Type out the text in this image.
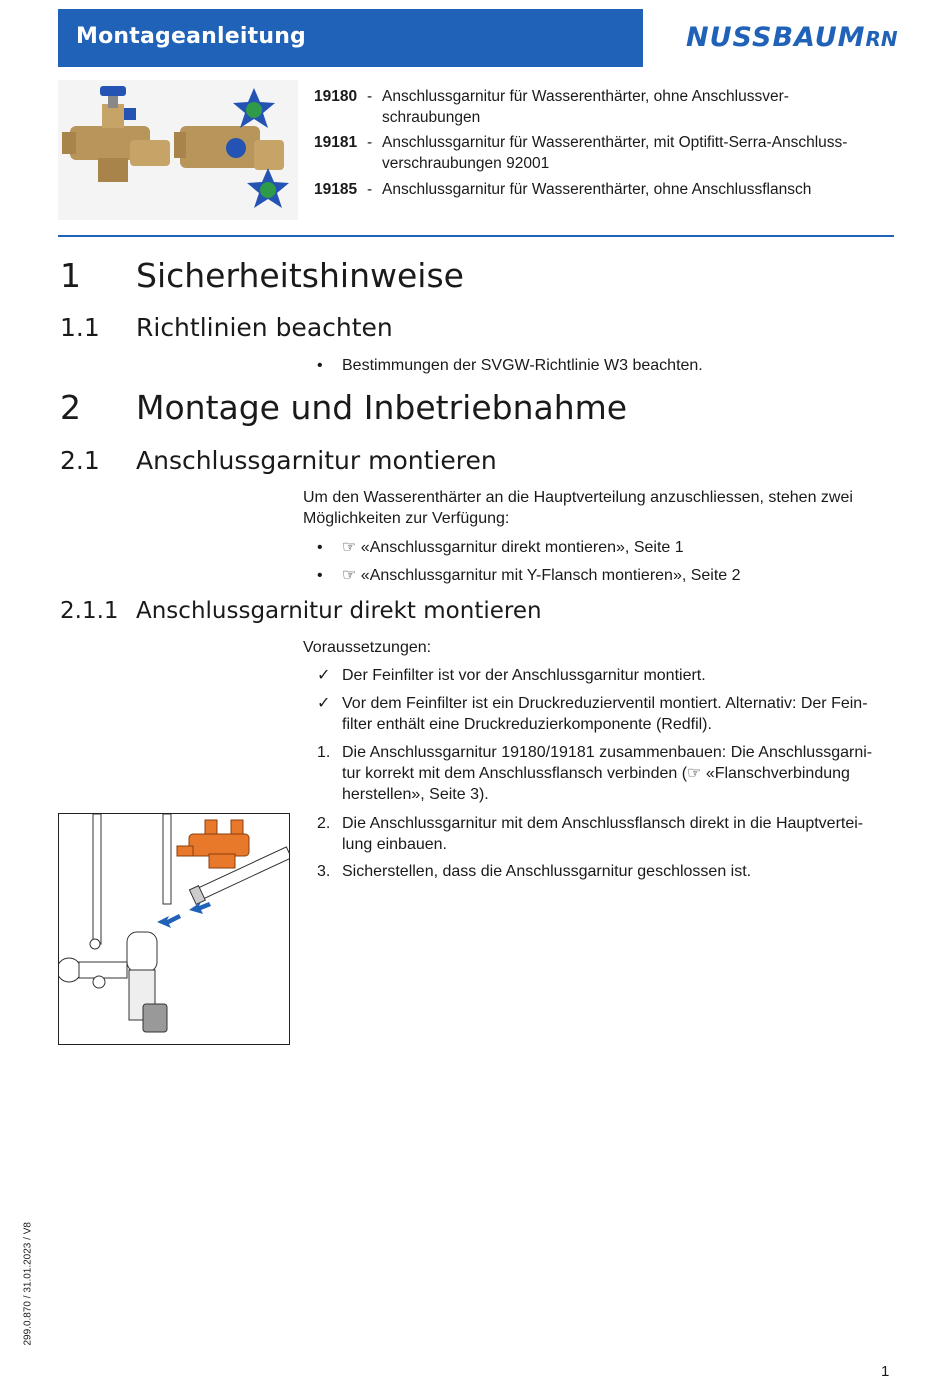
Montageanleitung	NUSSBAUMRN
19180 - Anschlussgarnitur für Wasserenthärter, ohne Anschlussver-
schraubungen
19181 - Anschlussgarnitur für Wasserenthärter, mit Optifitt-Serra-Anschluss-
verschraubungen 92001
19185 - Anschlussgarnitur für Wasserenthärter, ohne Anschlussflansch
1 Sicherheitshinweise
1.1 Richtlinien beachten
• Bestimmungen der SVGW-Richtlinie W3 beachten.
2 Montage und Inbetriebnahme
2.1 Anschlussgarnitur montieren
Um den Wasserenthärter an die Hauptverteilung anzuschliessen, stehen zwei Möglichkeiten zur Verfügung:
• ☞ «Anschlussgarnitur direkt montieren», Seite 1
• ☞ «Anschlussgarnitur mit Y-Flansch montieren», Seite 2
2.1.1 Anschlussgarnitur direkt montieren
Voraussetzungen:
✓ Der Feinfilter ist vor der Anschlussgarnitur montiert.
✓ Vor dem Feinfilter ist ein Druckreduzierventil montiert. Alternativ: Der Fein-
filter enthält eine Druckreduzierkomponente (Redfil).
1. Die Anschlussgarnitur 19180/19181 zusammenbauen: Die Anschlussgarni-
tur korrekt mit dem Anschlussflansch verbinden (☞ «Flanschverbindung
herstellen», Seite 3).
2. Die Anschlussgarnitur mit dem Anschlussflansch direkt in die Hauptvertei-
lung einbauen.
3. Sicherstellen, dass die Anschlussgarnitur geschlossen ist.
299.0.870 / 31.01.2023 / V8
1
